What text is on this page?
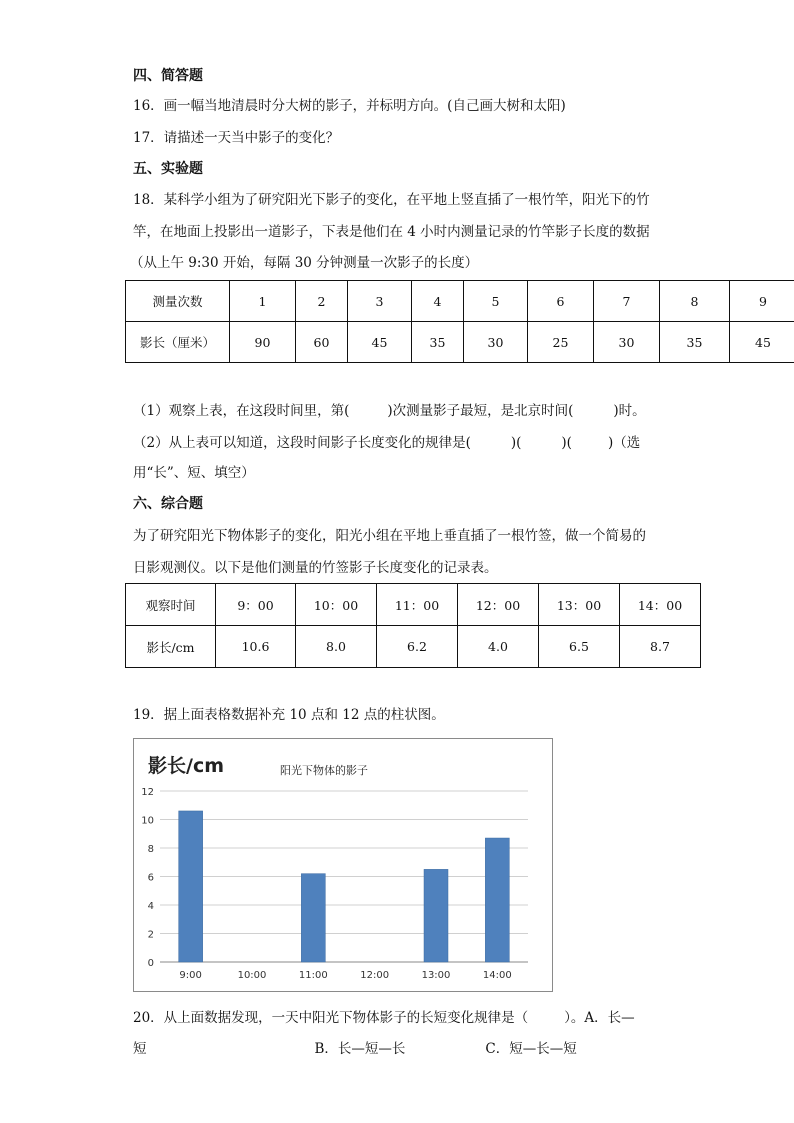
四、简答题
16．画一幅当地清晨时分大树的影子，并标明方向。(自己画大树和太阳)
17．请描述一天当中影子的变化？
五、实验题
18．某科学小组为了研究阳光下影子的变化，在平地上竖直插了一根竹竿，阳光下的竹
竿，在地面上投影出一道影子，下表是他们在 4 小时内测量记录的竹竿影子长度的数据
（从上午 9:30 开始，每隔 30 分钟测量一次影子的长度）
测量次数	1	2	3	4	5	6	7	8	9
影长（厘米）	90	60	45	35	30	25	30	35	45
（1）观察上表，在这段时间里，第(	)次测量影子最短，是北京时间(	)时。
（2）从上表可以知道，这段时间影子长度变化的规律是(	)(	)(	)（选
用“长”、短、填空）
六、综合题
为了研究阳光下物体影子的变化，阳光小组在平地上垂直插了一根竹签，做一个简易的
日影观测仪。以下是他们测量的竹签影子长度变化的记录表。
观察时间	9：00	10：00	11：00	12：00	13：00	14：00
影长/cm	10.6	8.0	6.2	4.0	6.5	8.7
19．据上面表格数据补充 10 点和 12 点的柱状图。
影长/cm	阳光下物体的影子
0
2
4
6
8
10
12
9:00	10:00	11:00	12:00	13:00	14:00
20．从上面数据发现，一天中阳光下物体影子的长短变化规律是（	）。A．长—
短	B．长—短—长	C．短—长—短
